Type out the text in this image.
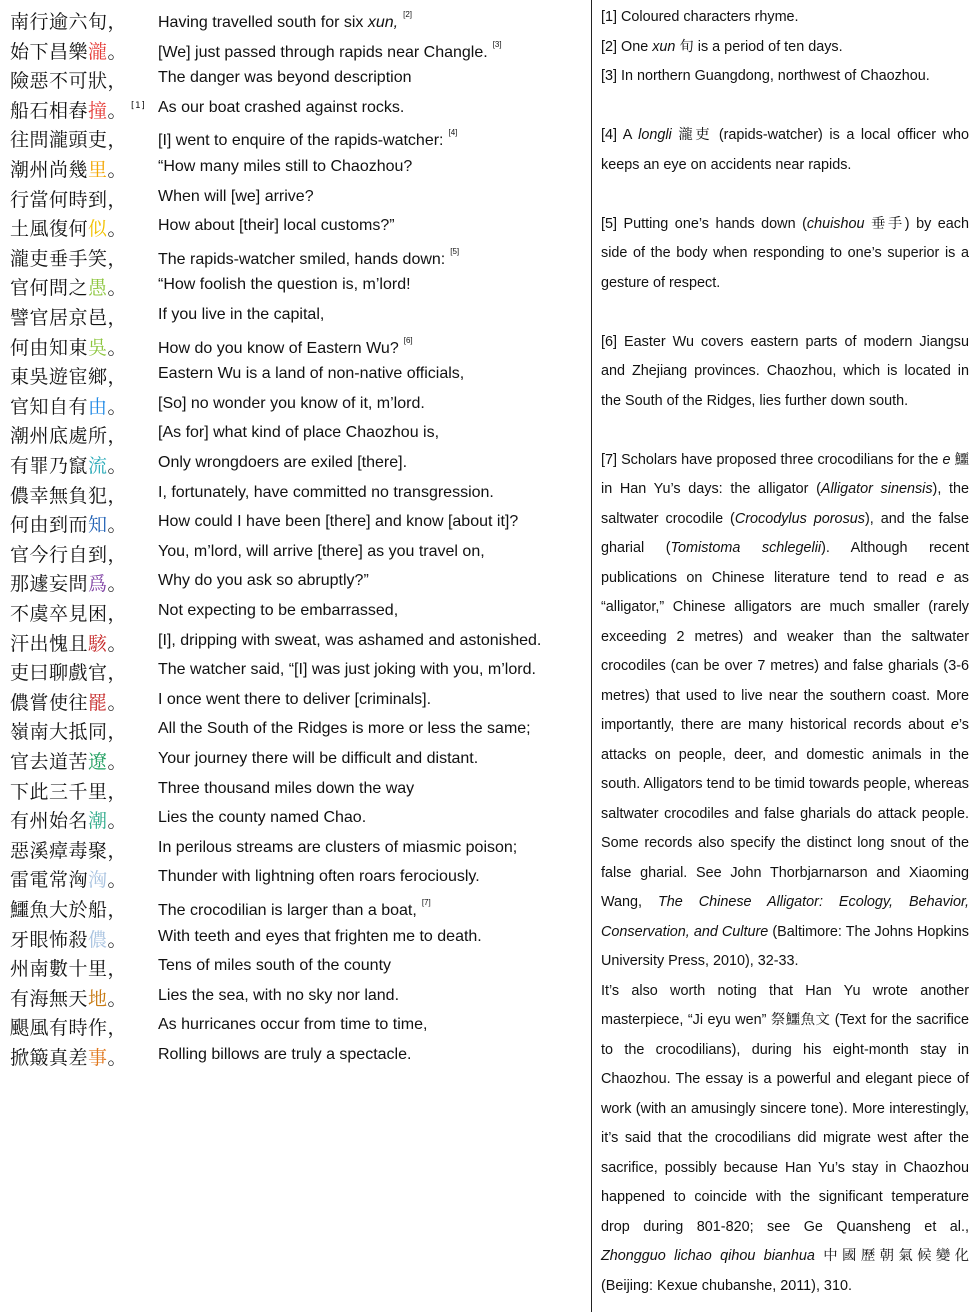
南行逾六旬， Having travelled south for six xun, [2]
始下昌樂瀧。 [We] just passed through rapids near Changle. [3]
險惡不可狀， The danger was beyond description
船石相舂撞。 [1] As our boat crashed against rocks.
往問瀧頭吏， [I] went to enquire of the rapids-watcher: [4]
潮州尚幾里。 “How many miles still to Chaozhou?
行當何時到， When will [we] arrive?
土風復何似。 How about [their] local customs?”
瀧吏垂手笑， The rapids-watcher smiled, hands down: [5]
官何問之愚。 “How foolish the question is, m’lord!
譬官居京邑， If you live in the capital,
何由知東吳。 How do you know of Eastern Wu? [6]
東吳遊宦鄉， Eastern Wu is a land of non-native officials,
官知自有由。 [So] no wonder you know of it, m’lord.
潮州底處所， [As for] what kind of place Chaozhou is,
有罪乃竄流。 Only wrongdoers are exiled [there].
儂幸無負犯， I, fortunately, have committed no transgression.
何由到而知。 How could I have been [there] and know [about it]?
官今行自到， You, m’lord, will arrive [there] as you travel on,
那遽妄問爲。 Why do you ask so abruptly?”
不虞卒見困， Not expecting to be embarrassed,
汗出愧且駭。 [I], dripping with sweat, was ashamed and astonished.
吏曰聊戲官， The watcher said, “[I] was just joking with you, m’lord.
儂嘗使往罷。 I once went there to deliver [criminals].
嶺南大抵同， All the South of the Ridges is more or less the same;
官去道苦遼。 Your journey there will be difficult and distant.
下此三千里， Three thousand miles down the way
有州始名潮。 Lies the county named Chao.
惡溪瘴毒聚， In perilous streams are clusters of miasmic poison;
雷電常洶洶。 Thunder with lightning often roars ferociously.
鱷魚大於船， The crocodilian is larger than a boat, [7]
牙眼怖殺儂。 With teeth and eyes that frighten me to death.
州南數十里， Tens of miles south of the county
有海無天地。 Lies the sea, with no sky nor land.
颶風有時作， As hurricanes occur from time to time,
掀簸真差事。 Rolling billows are truly a spectacle.
[1] Coloured characters rhyme.
[2] One xun 旬 is a period of ten days.
[3] In northern Guangdong, northwest of Chaozhou.
[4] A longli 瀧吏 (rapids-watcher) is a local officer who keeps an eye on accidents near rapids.
[5] Putting one’s hands down (chuishou 垂手) by each side of the body when responding to one’s superior is a gesture of respect.
[6] Easter Wu covers eastern parts of modern Jiangsu and Zhejiang provinces. Chaozhou, which is located in the South of the Ridges, lies further down south.
[7] Scholars have proposed three crocodilians for the e 鱷 in Han Yu’s days: the alligator (Alligator sinensis), the saltwater crocodile (Crocodylus porosus), and the false gharial (Tomistoma schlegelii). Although recent publications on Chinese literature tend to read e as “alligator,” Chinese alligators are much smaller (rarely exceeding 2 metres) and weaker than the saltwater crocodiles (can be over 7 metres) and false gharials (3-6 metres) that used to live near the southern coast. More importantly, there are many historical records about e’s attacks on people, deer, and domestic animals in the south. Alligators tend to be timid towards people, whereas saltwater crocodiles and false gharials do attack people. Some records also specify the distinct long snout of the false gharial. See John Thorbjarnarson and Xiaoming Wang, The Chinese Alligator: Ecology, Behavior, Conservation, and Culture (Baltimore: The Johns Hopkins University Press, 2010), 32-33.
It’s also worth noting that Han Yu wrote another masterpiece, “Ji eyu wen” 祭鱷魚文 (Text for the sacrifice to the crocodilians), during his eight-month stay in Chaozhou. The essay is a powerful and elegant piece of work (with an amusingly sincere tone). More interestingly, it’s said that the crocodilians did migrate west after the sacrifice, possibly because Han Yu’s stay in Chaozhou happened to coincide with the significant temperature drop during 801-820; see Ge Quansheng et al., Zhongguo lichao qihou bianhua 中國歷朝氣候變化 (Beijing: Kexue chubanshe, 2011), 310.
